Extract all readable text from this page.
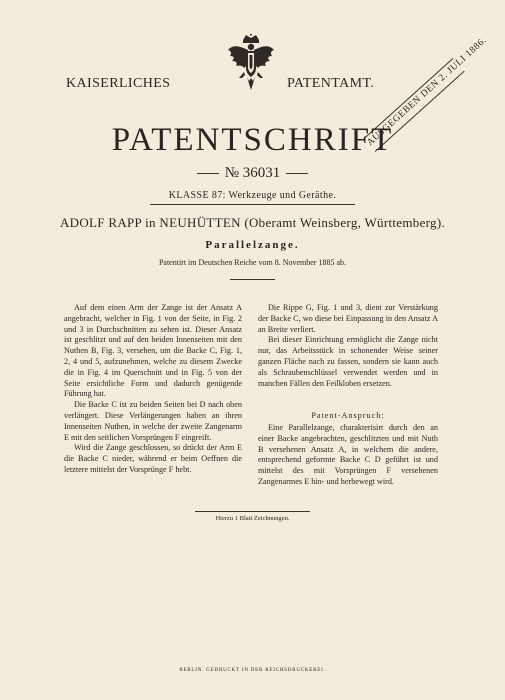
KAISERLICHES	PATENTAMT.
AUSGEGEBEN DEN 2. JULI 1886.
PATENTSCHRIFT
№ 36031
KLASSE 87: Werkzeuge und Geräthe.
ADOLF RAPP in NEUHÜTTEN (Oberamt Weinsberg, Württemberg).
Parallelzange.
Patentirt im Deutschen Reiche vom 8. November 1885 ab.

Auf dem einen Arm der Zange ist der Ansatz A angebracht, welcher in Fig. 1 von der Seite, in Fig. 2 und 3 in Durchschnitten zu sehen ist. Dieser Ansatz ist geschlitzt und auf den beiden Innenseiten mit den Nuthen B, Fig. 3, versehen, um die Backe C, Fig. 1, 2, 4 und 5, aufzunehmen, welche zu diesem Zwecke die in Fig. 4 im Querschnitt und in Fig. 5 von der Seite ersichtliche Form und dadurch genügende Führung hat.

Die Backe C ist zu beiden Seiten bei D nach oben verlängert. Diese Verlängerungen haben an ihren Innenseiten Nuthen, in welche der zweite Zangenarm E mit den seitlichen Vorsprüngen F eingreift.

Wird die Zange geschlossen, so drückt der Arm E die Backe C nieder, während er beim Oeffnen die letztere mittelst der Vorsprünge F hebt.

Die Rippe G, Fig. 1 und 3, dient zur Verstärkung der Backe C, wo diese bei Einpassung in den Ansatz A an Breite verliert.

Bei dieser Einrichtung ermöglicht die Zange nicht nur, das Arbeitsstück in schonender Weise seiner ganzen Fläche nach zu fassen, sondern sie kann auch als Schraubenschlüssel verwendet werden und in manchen Fällen den Feilkloben ersetzen.

Patent-Anspruch:

Eine Parallelzange, charakterisirt durch den an einer Backe angebrachten, geschlitzten und mit Nuth B versehenen Ansatz A, in welchem die andere, entsprechend geformte Backe C D geführt ist und mittelst des mit Vorsprüngen F versehenen Zangenarmes E hin- und herbewegt wird.

Hierzu 1 Blatt Zeichnungen.
BERLIN. GEDRUCKT IN DER REICHSDRUCKEREI.
